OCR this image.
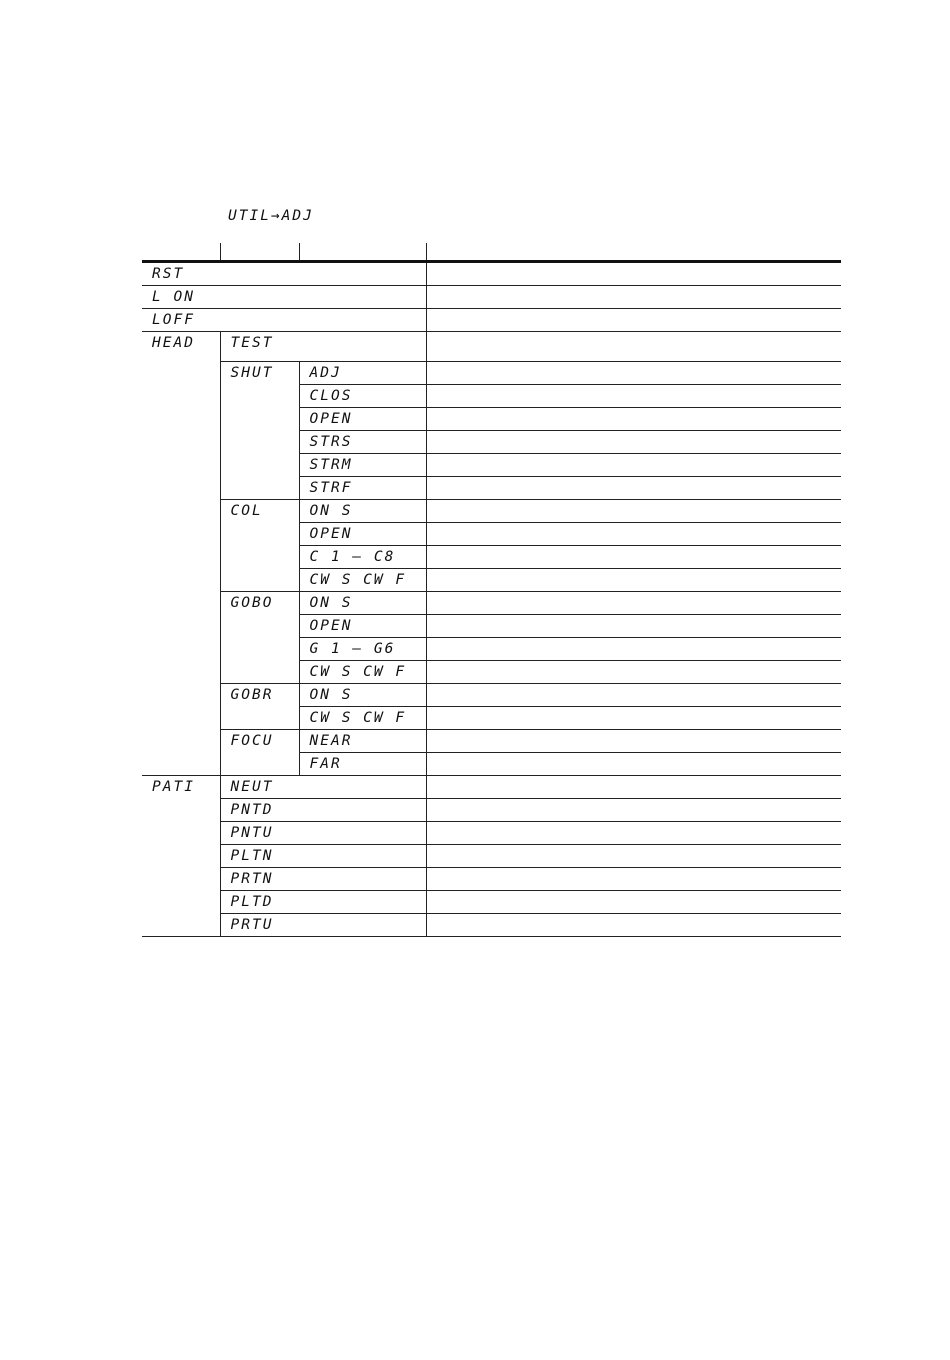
UTIL→ADJ

RST			
L ON			
LOFF			
HEAD	TEST		
	SHUT	ADJ	
		CLOS	
		OPEN	
		STRS	
		STRM	
		STRF	
	COL	ON S	
		OPEN	
		C 1 – C8	
		CW S CW F	
	GOBO	ON S	
		OPEN	
		G 1 – G6	
		CW S CW F	
	GOBR	ON S	
		CW S CW F	
	FOCU	NEAR	
		FAR	
PATI	NEUT		
	PNTD		
	PNTU		
	PLTN		
	PRTN		
	PLTD		
	PRTU		
